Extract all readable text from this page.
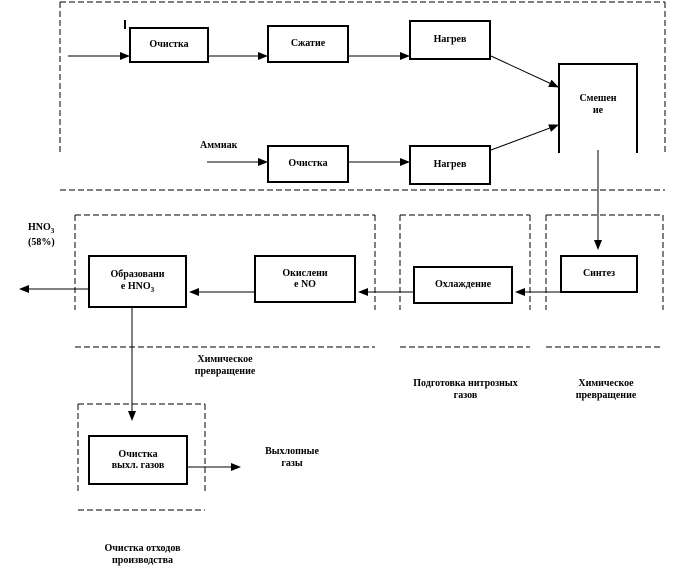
Очистка	Сжатие	Нагрев
Смешен
ие
Очистка	Нагрев
Синтез
Охлаждение
Окислени
е NO
Образовани
е $HNO_3$
Очистка
выхл. газов
Аммиак
$HNO_3$
(58%)
Химическое
превращение
Подготовка нитрозных
газов
Химическое
превращение
Выхлопные
газы
Очистка отходов
производства
